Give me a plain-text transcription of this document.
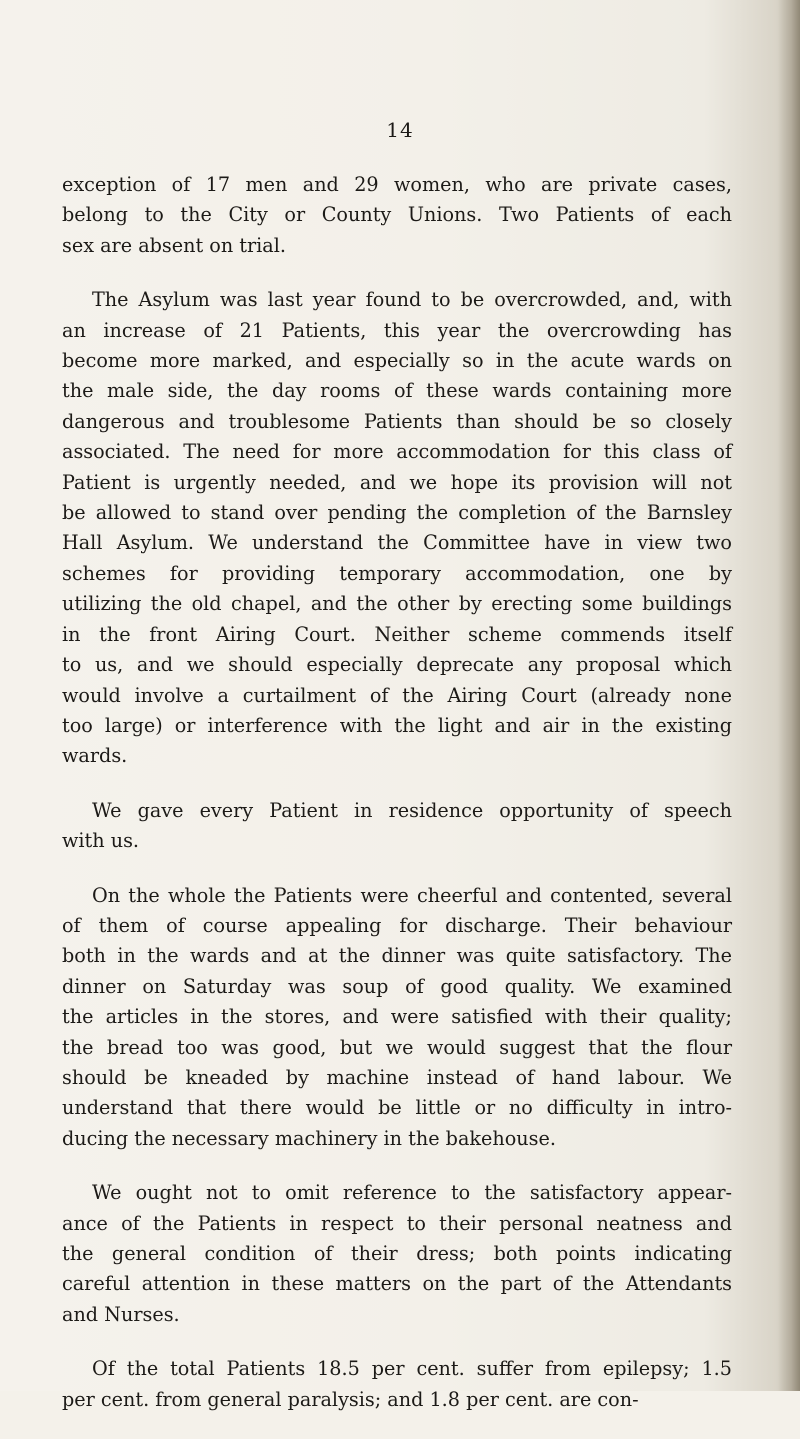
14

exception of 17 men and 29 women, who are private cases,
belong to the City or County Unions. Two Patients of each
sex are absent on trial.

The Asylum was last year found to be overcrowded, and, with
an increase of 21 Patients, this year the overcrowding has
become more marked, and especially so in the acute wards on
the male side, the day rooms of these wards containing more
dangerous and troublesome Patients than should be so closely
associated. The need for more accommodation for this class of
Patient is urgently needed, and we hope its provision will not
be allowed to stand over pending the completion of the Barnsley
Hall Asylum. We understand the Committee have in view two
schemes for providing temporary accommodation, one by
utilizing the old chapel, and the other by erecting some buildings
in the front Airing Court. Neither scheme commends itself
to us, and we should especially deprecate any proposal which
would involve a curtailment of the Airing Court (already none
too large) or interference with the light and air in the existing
wards.

We gave every Patient in residence opportunity of speech
with us.

On the whole the Patients were cheerful and contented, several
of them of course appealing for discharge. Their behaviour
both in the wards and at the dinner was quite satisfactory. The
dinner on Saturday was soup of good quality. We examined
the articles in the stores, and were satisfied with their quality;
the bread too was good, but we would suggest that the flour
should be kneaded by machine instead of hand labour. We
understand that there would be little or no difficulty in intro-
ducing the necessary machinery in the bakehouse.

We ought not to omit reference to the satisfactory appear-
ance of the Patients in respect to their personal neatness and
the general condition of their dress; both points indicating
careful attention in these matters on the part of the Attendants
and Nurses.

Of the total Patients 18.5 per cent. suffer from epilepsy; 1.5
per cent. from general paralysis; and 1.8 per cent. are con-
